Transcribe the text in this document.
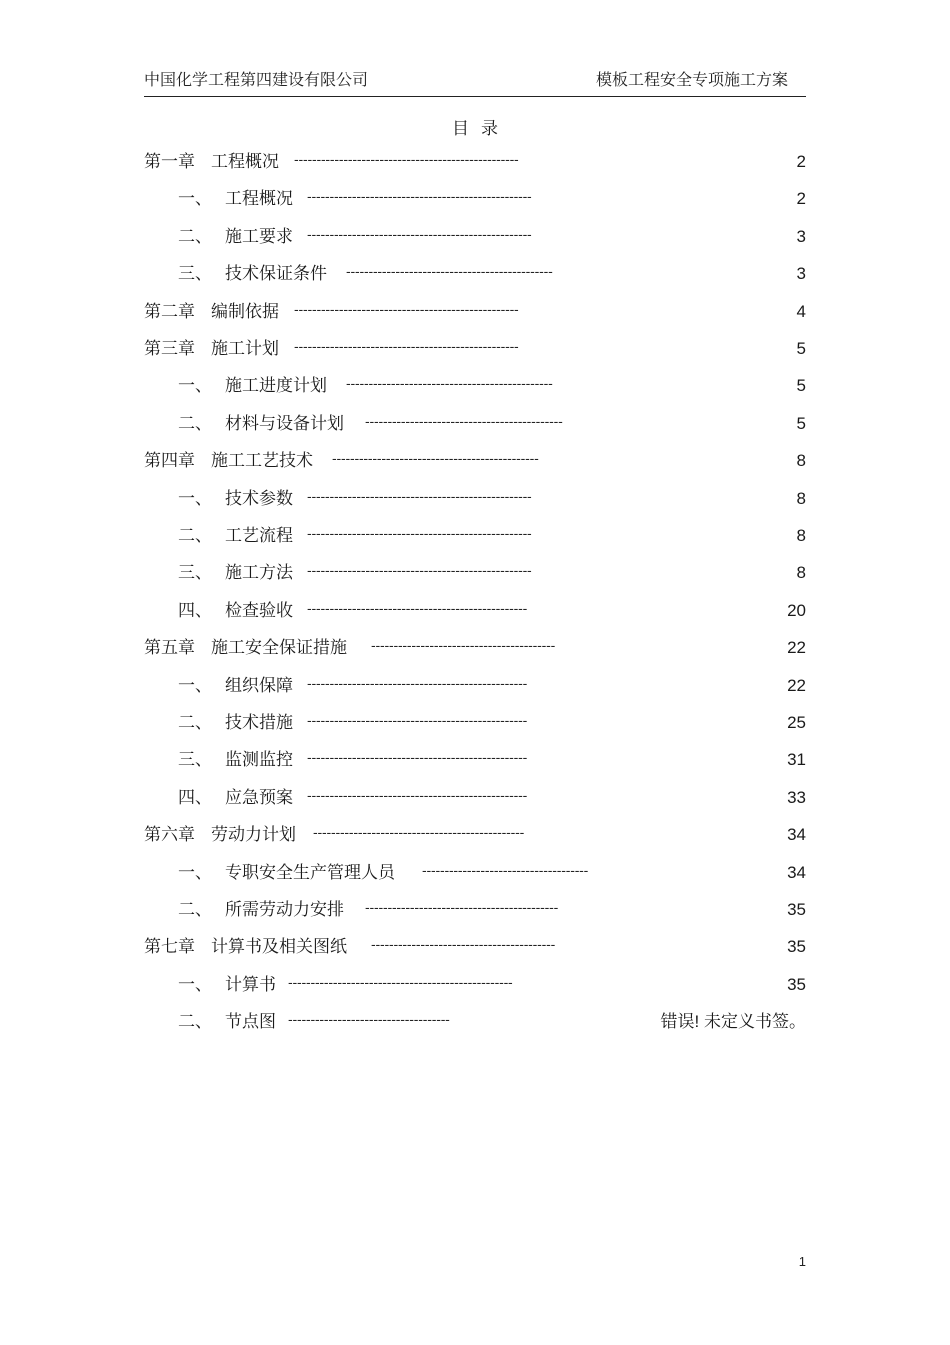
中国化学工程第四建设有限公司	模板工程安全专项施工方案
目录
第一章 工程概况 --------------------------------------------------	2
一、 工程概况 --------------------------------------------------	2
二、 施工要求 --------------------------------------------------	3
三、 技术保证条件 ----------------------------------------------	3
第二章 编制依据 --------------------------------------------------	4
第三章 施工计划 --------------------------------------------------	5
一、 施工进度计划 ----------------------------------------------	5
二、 材料与设备计划 --------------------------------------------	5
第四章 施工工艺技术 ----------------------------------------------	8
一、 技术参数 --------------------------------------------------	8
二、 工艺流程 --------------------------------------------------	8
三、 施工方法 --------------------------------------------------	8
四、 检查验收 -------------------------------------------------	20
第五章 施工安全保证措施 -----------------------------------------	22
一、 组织保障 -------------------------------------------------	22
二、 技术措施 -------------------------------------------------	25
三、 监测监控 -------------------------------------------------	31
四、 应急预案 -------------------------------------------------	33
第六章 劳动力计划 -----------------------------------------------	34
一、 专职安全生产管理人员 -------------------------------------	34
二、 所需劳动力安排 -------------------------------------------	35
第七章 计算书及相关图纸 -----------------------------------------	35
一、 计算书 --------------------------------------------------	35
二、 节点图 ------------------------------------	错误! 未定义书签。
1
